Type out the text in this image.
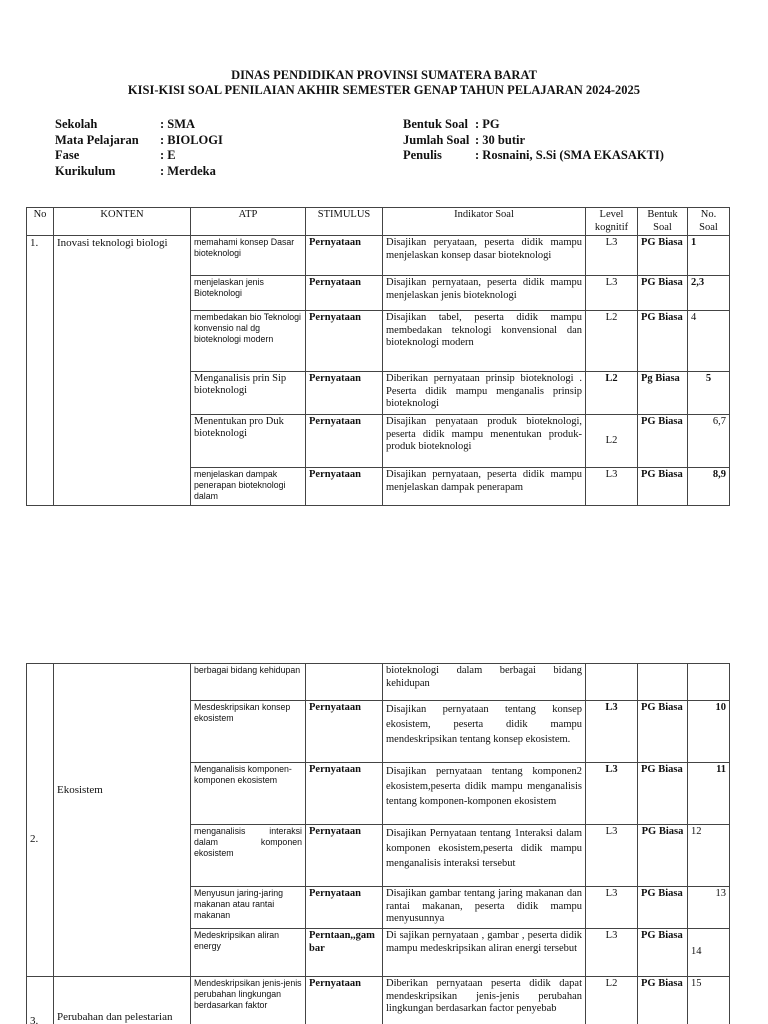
DINAS PENDIDIKAN PROVINSI SUMATERA BARAT
KISI-KISI SOAL PENILAIAN AKHIR SEMESTER GENAP TAHUN PELAJARAN 2024-2025
Sekolah	: SMA
Mata Pelajaran : BIOLOGI
Fase	: E
Kurikulum	: Merdeka
Bentuk Soal : PG
Jumlah Soal : 30 butir
Penulis	: Rosnaini, S.Si (SMA EKASAKTI)
No	KONTEN	ATP	STIMULUS	Indikator Soal	Level kognitif	Bentuk Soal	No. Soal
1.	Inovasi teknologi biologi	memahami konsep Dasar bioteknologi	Pernyataan	Disajikan peryataan, peserta didik mampu menjelaskan konsep dasar bioteknologi	L3	PG Biasa	1
		menjelaskan jenis Bioteknologi	Pernyataan	Disajikan pernyataan, peserta didik mampu menjelaskan jenis bioteknologi	L3	PG Biasa	2,3
		membedakan bio Teknologi konvensio nal dg bioteknologi modern	Pernyataan	Disajikan tabel, peserta didik mampu membedakan teknologi konvensional dan bioteknologi modern	L2	PG Biasa	4
		Menganalisis prin Sip bioteknologi	Pernyataan	Diberikan pernyataan prinsip bioteknologi . Peserta didik mampu menganalis prinsip bioteknologi	L2	Pg Biasa	5
		Menentukan pro Duk bioteknologi	Pernyataan	Disajikan penyataan produk bioteknologi, peserta didik mampu menentukan produk-produk bioteknologi	L2	PG Biasa	6,7
		menjelaskan dampak penerapan bioteknologi dalam	Pernyataan	Disajikan pernyataan, peserta didik mampu menjelaskan dampak penerapam	L3	PG Biasa	8,9
2.	Ekosistem	berbagai bidang kehidupan		bioteknologi dalam berbagai bidang kehidupan			
		Mesdeskripsikan konsep ekosistem	Pernyataan	Disajikan pernyataan tentang konsep ekosistem, peserta didik mampu mendeskripsikan tentang konsep ekosistem.	L3	PG Biasa	10
		Menganalisis komponen-komponen ekosistem	Pernyataan	Disajikan pernyataan tentang komponen2 ekosistem,peserta didik mampu menganalisis tentang komponen-komponen ekosistem	L3	PG Biasa	11
		menganalisis interaksi dalam komponen ekosistem	Pernyataan	Disajikan Pernyataan tentang 1nteraksi dalam komponen ekosistem,peserta didik mampu menganalisis interaksi tersebut	L3	PG Biasa	12
		Menyusun jaring-jaring makanan atau rantai makanan	Pernyataan	Disajikan gambar tentang jaring makanan dan rantai makanan, peserta didik mampu menyusunnya	L3	PG Biasa	13
		Medeskripsikan aliran energy	Perntaan,,gam bar	Di sajikan pernyataan , gambar , peserta didik mampu medeskripsikan aliran energi tersebut	L3	PG Biasa	14
3.	Perubahan dan pelestarian	Mendeskripsikan jenis-jenis perubahan lingkungan berdasarkan faktor	Pernyataan	Diberikan pernyataan peserta didik dapat mendeskripsikan jenis-jenis perubahan lingkungan berdasarkan factor penyebab	L2	PG Biasa	15
